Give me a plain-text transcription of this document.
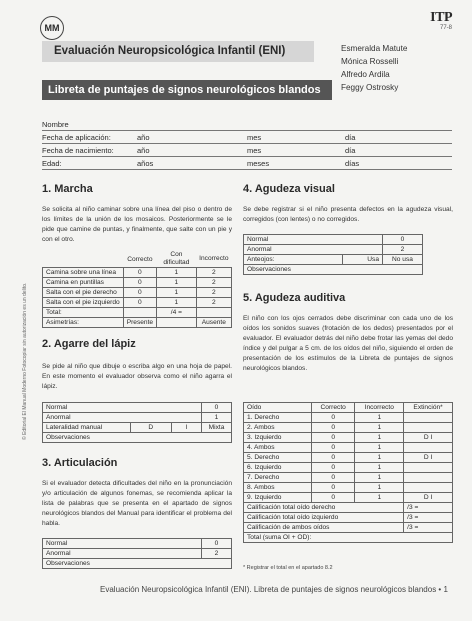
MM
ITP
77-8
Evaluación Neuropsicológica Infantil (ENI)
Libreta de puntajes de signos neurológicos blandos
Esmeralda Matute
Mónica Rosselli
Alfredo Ardila
Feggy Ostrosky
Nombre
Fecha de aplicación:	año	mes	día
Fecha de nacimiento:	año	mes	día
Edad:	años	meses	días
1. Marcha
Se solicita al niño caminar sobre una línea del piso o dentro de los límites de la unión de los mosaicos. Posteriormente se le pide que camine de puntas, y finalmente, que salte con un pie y con el otro.
	Correcto	Con dificultad	Incorrecto
Camina sobre una línea	0	1	2
Camina en puntillas	0	1	2
Salta con el pie derecho	0	1	2
Salta con el pie izquierdo	0	1	2
Total:		/4 =	
Asimetrías:	Presente		Ausente
2. Agarre del lápiz
Se pide al niño que dibuje o escriba algo en una hoja de papel. En este momento el evaluador observa como el niño agarra el lápiz.
Normal			0
Anormal			1
Lateralidad manual	D	I	Mixta
Observaciones			
3. Articulación
Si el evaluador detecta dificultades del niño en la pronunciación y/o articulación de algunos fonemas, se recomienda aplicar la lista de palabras que se presenta en el apartado de signos neurológicos blandos del Manual para identificar el problema del habla.
Normal	0
Anormal	2
Observaciones	
4. Agudeza visual
Se debe registrar si el niño presenta defectos en la agudeza visual, corregidos (con lentes) o no corregidos.
Normal		0
Anormal		2
Anteojos:	Usa	No usa
Observaciones		
5. Agudeza auditiva
El niño con los ojos cerrados debe discriminar con cada uno de los oídos los sonidos suaves (frotación de los dedos) presentados por el evaluador. El evaluador detrás del niño debe frotar las yemas del dedo índice y del pulgar a 5 cm. de los oídos del niño, siguiendo el orden de presentación de los estímulos de la Libreta de puntajes de signos neurológicos blandos.
Oído	Correcto	Incorrecto	Extinción*
1. Derecho	0	1	
2. Ambos	0	1	
3. Izquierdo	0	1	D I
4. Ambos	0	1	
5. Derecho	0	1	D I
6. Izquierdo	0	1	
7. Derecho	0	1	
8. Ambos	0	1	
9. Izquierdo	0	1	D I
Calificación total oído derecho			/3 =
Calificación total oído izquierdo			/3 =
Calificación de ambos oídos			/3 =
Total (suma OI + OD):			
* Registrar el total en el apartado 8.2
© Editorial El Manual Moderno Fotocopiar sin autorización es un delito.
Evaluación Neuropsicológica Infantil (ENI). Libreta de puntajes de signos neurológicos blandos • 1
